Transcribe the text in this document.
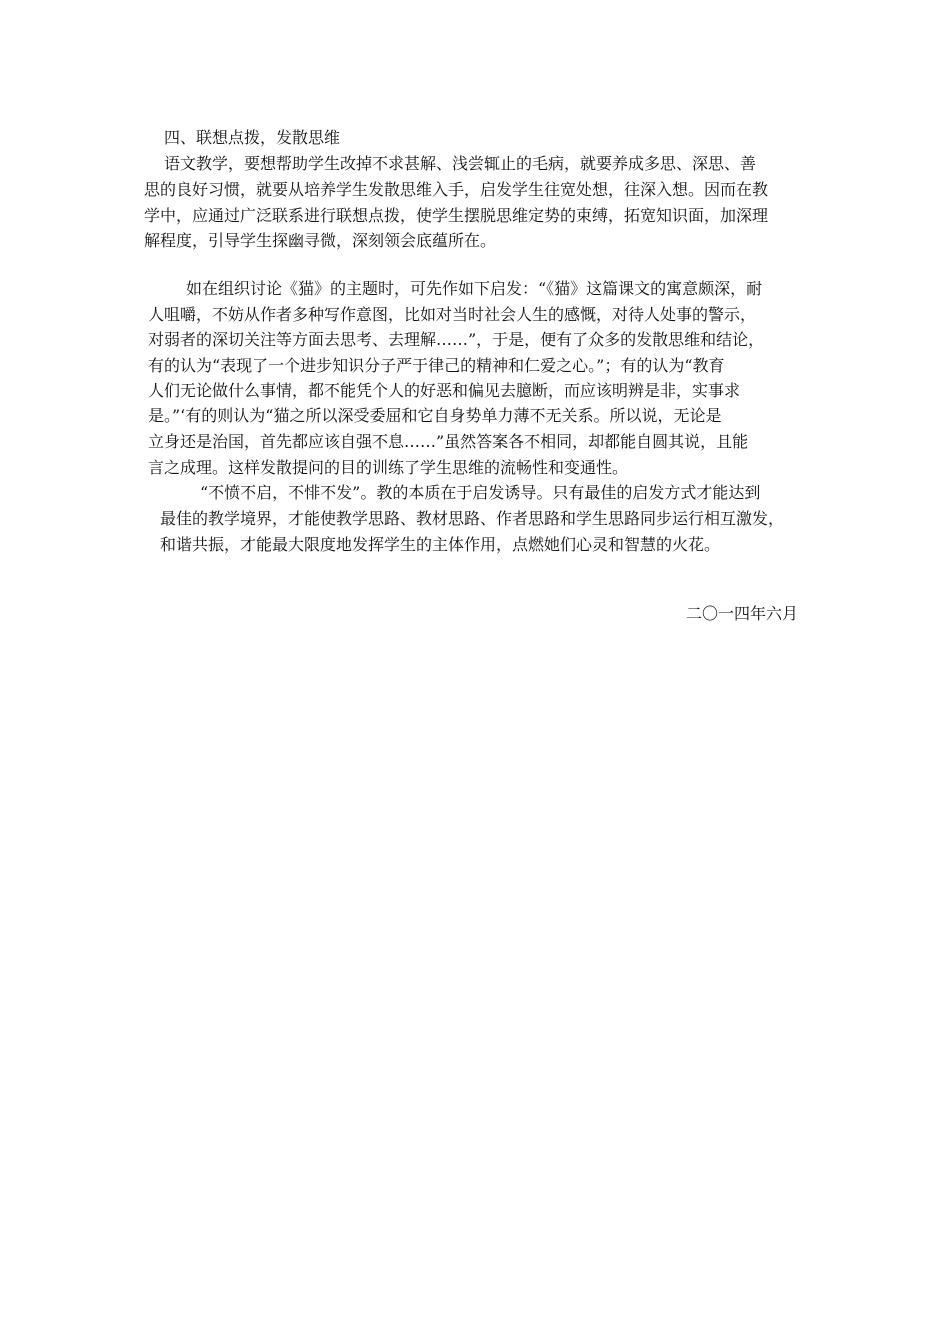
四、联想点拨，发散思维
语文教学，要想帮助学生改掉不求甚解、浅尝辄止的毛病，就要养成多思、深思、善
思的良好习惯，就要从培养学生发散思维入手，启发学生往宽处想，往深入想。因而在教
学中，应通过广泛联系进行联想点拨，使学生摆脱思维定势的束缚，拓宽知识面，加深理
解程度，引导学生探幽寻微，深刻领会底蕴所在。
如在组织讨论《猫》的主题时，可先作如下启发：“《猫》这篇课文的寓意颇深，耐
人咀嚼，不妨从作者多种写作意图，比如对当时社会人生的感慨，对待人处事的警示，
对弱者的深切关注等方面去思考、去理解……”，于是，便有了众多的发散思维和结论，
有的认为“表现了一个进步知识分子严于律己的精神和仁爱之心。”；有的认为“教育
人们无论做什么事情，都不能凭个人的好恶和偏见去臆断，而应该明辨是非，实事求
是。”‘有的则认为“猫之所以深受委屈和它自身势单力薄不无关系。所以说，无论是
立身还是治国，首先都应该自强不息……”虽然答案各不相同，却都能自圆其说，且能
言之成理。这样发散提问的目的训练了学生思维的流畅性和变通性。
“不愤不启，不悱不发”。教的本质在于启发诱导。只有最佳的启发方式才能达到
最佳的教学境界，才能使教学思路、教材思路、作者思路和学生思路同步运行相互激发，
和谐共振，才能最大限度地发挥学生的主体作用，点燃她们心灵和智慧的火花。
二〇一四年六月
